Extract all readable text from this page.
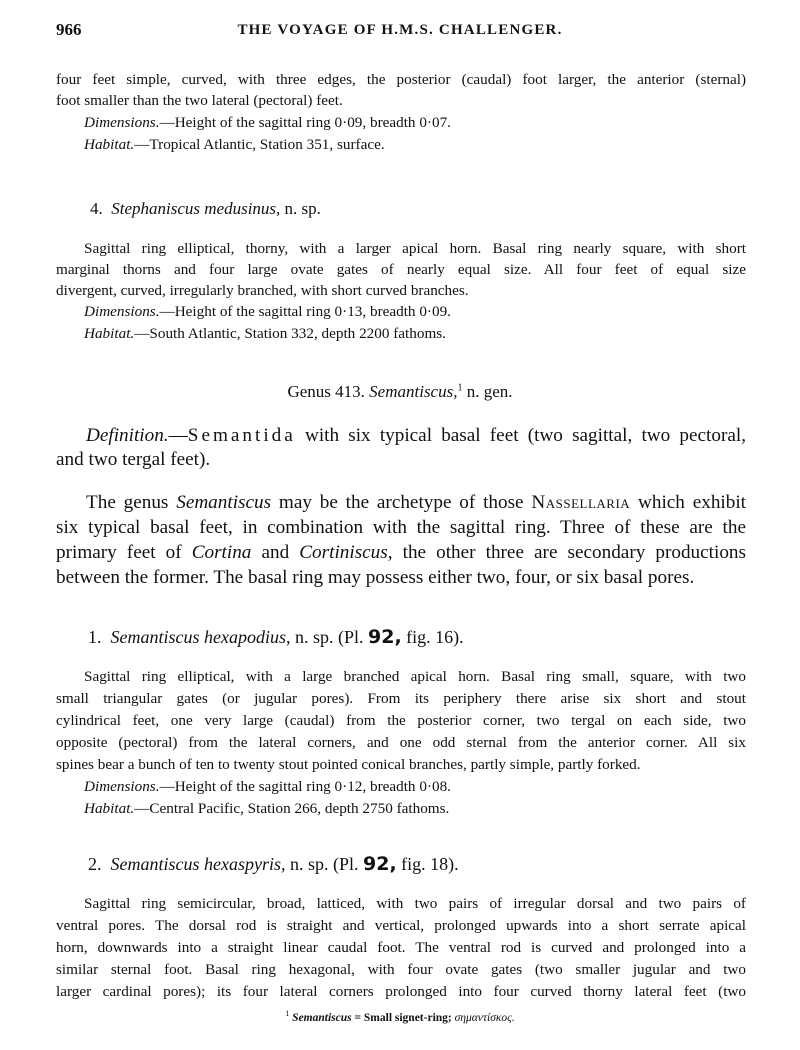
966	THE VOYAGE OF H.M.S. CHALLENGER.
four feet simple, curved, with three edges, the posterior (caudal) foot larger, the anterior (sternal)
foot smaller than the two lateral (pectoral) feet.
Dimensions.—Height of the sagittal ring 0·09, breadth 0·07.
Habitat.—Tropical Atlantic, Station 351, surface.
4. Stephaniscus medusinus, n. sp.
Sagittal ring elliptical, thorny, with a larger apical horn. Basal ring nearly square, with short
marginal thorns and four large ovate gates of nearly equal size. All four feet of equal size
divergent, curved, irregularly branched, with short curved branches.
Dimensions.—Height of the sagittal ring 0·13, breadth 0·09.
Habitat.—South Atlantic, Station 332, depth 2200 fathoms.
Genus 413. Semantiscus,$^1$ n. gen.
Definition.—Semantida with six typical basal feet (two sagittal, two pectoral,
and two tergal feet).
The genus Semantiscus may be the archetype of those Nassellaria which exhibit
six typical basal feet, in combination with the sagittal ring. Three of these are the
primary feet of Cortina and Cortiniscus, the other three are secondary productions
between the former. The basal ring may possess either two, four, or six basal pores.
1. Semantiscus hexapodius, n. sp. (Pl. 92, fig. 16).
Sagittal ring elliptical, with a large branched apical horn. Basal ring small, square, with two
small triangular gates (or jugular pores). From its periphery there arise six short and stout
cylindrical feet, one very large (caudal) from the posterior corner, two tergal on each side, two
opposite (pectoral) from the lateral corners, and one odd sternal from the anterior corner. All six
spines bear a bunch of ten to twenty stout pointed conical branches, partly simple, partly forked.
Dimensions.—Height of the sagittal ring 0·12, breadth 0·08.
Habitat.—Central Pacific, Station 266, depth 2750 fathoms.
2. Semantiscus hexaspyris, n. sp. (Pl. 92, fig. 18).
Sagittal ring semicircular, broad, latticed, with two pairs of irregular dorsal and two pairs of
ventral pores. The dorsal rod is straight and vertical, prolonged upwards into a short serrate apical
horn, downwards into a straight linear caudal foot. The ventral rod is curved and prolonged into a
similar sternal foot. Basal ring hexagonal, with four ovate gates (two smaller jugular and two
larger cardinal pores); its four lateral corners prolonged into four curved thorny lateral feet (two
$^1$ Semantiscus = Small signet-ring; σημαντίσκος.
